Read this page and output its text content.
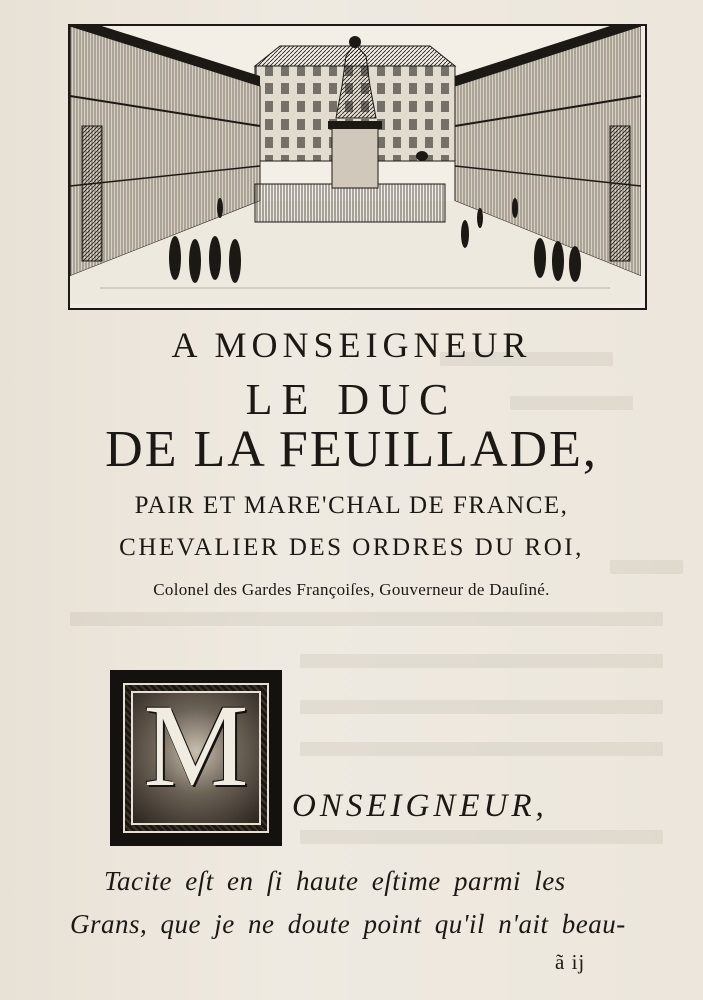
A MONSEIGNEUR
LE DUC
DE LA FEUILLADE,
PAIR ET MARE'CHAL DE FRANCE,
CHEVALIER DES ORDRES DU ROI,
Colonel des Gardes Françoiſes, Gouverneur de Dauſiné.
M	ONSEIGNEUR,
Tacite eſt en ſi haute eſtime parmi les
Grans, que je ne doute point qu'il n'ait beau-
ã ij
